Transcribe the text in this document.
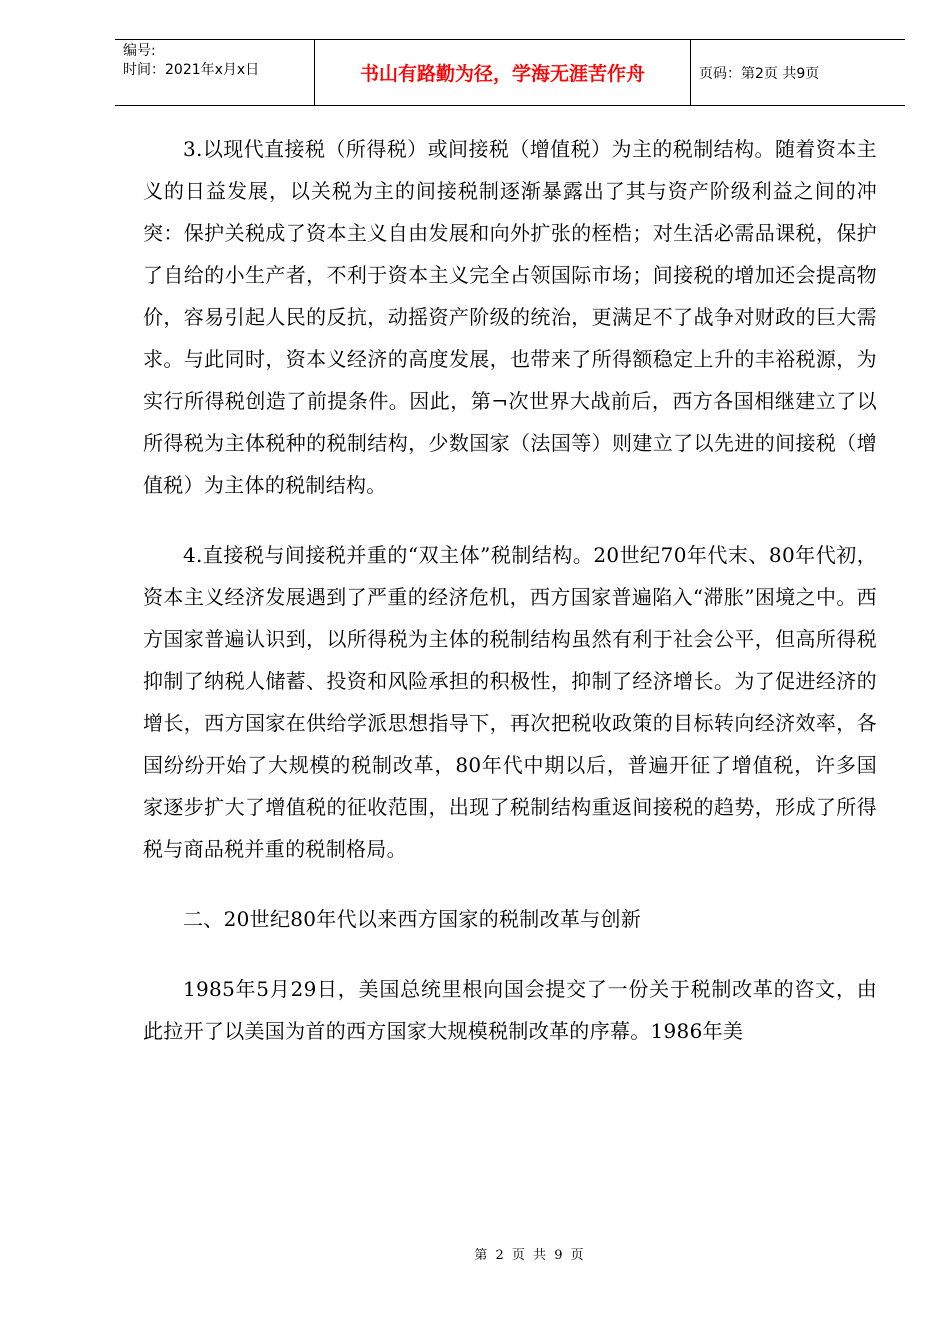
编号:
时间：2021年x月x日	书山有路勤为径，学海无涯苦作舟	页码：第2页 共9页

3.以现代直接税（所得税）或间接税（增值税）为主的税制结构。随着资本主义的日益发展，以关税为主的间接税制逐渐暴露出了其与资产阶级利益之间的冲突：保护关税成了资本主义自由发展和向外扩张的桎梏；对生活必需品课税，保护了自给的小生产者，不利于资本主义完全占领国际市场；间接税的增加还会提高物价，容易引起人民的反抗，动摇资产阶级的统治，更满足不了战争对财政的巨大需求。与此同时，资本义经济的高度发展，也带来了所得额稳定上升的丰裕税源，为实行所得税创造了前提条件。因此，第¬次世界大战前后，西方各国相继建立了以所得税为主体税种的税制结构，少数国家（法国等）则建立了以先进的间接税（增值税）为主体的税制结构。

4.直接税与间接税并重的“双主体”税制结构。20世纪70年代末、80年代初，资本主义经济发展遇到了严重的经济危机，西方国家普遍陷入“滞胀”困境之中。西方国家普遍认识到，以所得税为主体的税制结构虽然有利于社会公平，但高所得税抑制了纳税人储蓄、投资和风险承担的积极性，抑制了经济增长。为了促进经济的增长，西方国家在供给学派思想指导下，再次把税收政策的目标转向经济效率，各国纷纷开始了大规模的税制改革，80年代中期以后，普遍开征了增值税，许多国家逐步扩大了增值税的征收范围，出现了税制结构重返间接税的趋势，形成了所得税与商品税并重的税制格局。

二、20世纪80年代以来西方国家的税制改革与创新

1985年5月29日，美国总统里根向国会提交了一份关于税制改革的咨文，由此拉开了以美国为首的西方国家大规模税制改革的序幕。1986年美

第 2 页 共 9 页
